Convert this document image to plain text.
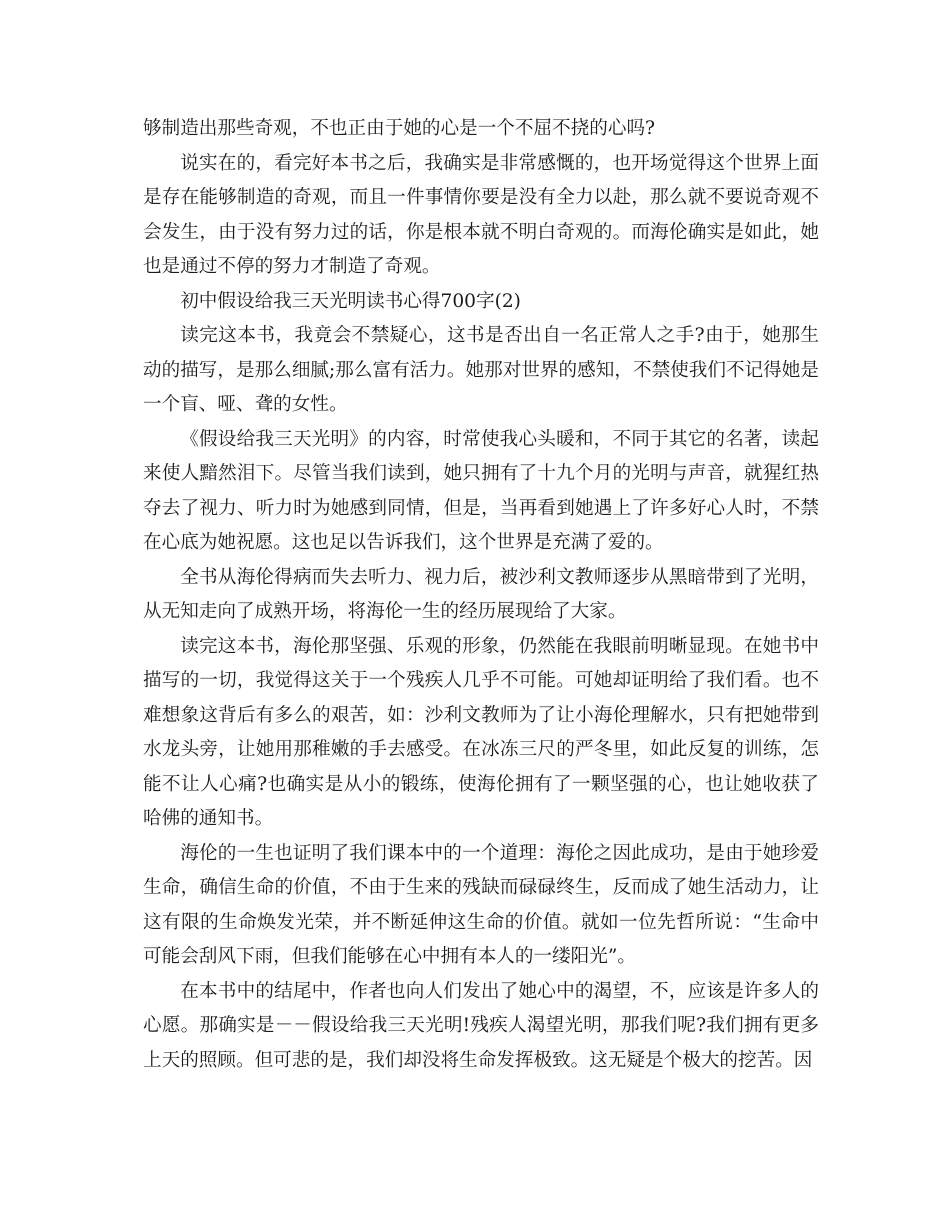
够制造出那些奇观，不也正由于她的心是一个不屈不挠的心吗?

说实在的，看完好本书之后，我确实是非常感慨的，也开场觉得这个世界上面是存在能够制造的奇观，而且一件事情你要是没有全力以赴，那么就不要说奇观不会发生，由于没有努力过的话，你是根本就不明白奇观的。而海伦确实是如此，她也是通过不停的努力才制造了奇观。

初中假设给我三天光明读书心得700字(2)

读完这本书，我竟会不禁疑心，这书是否出自一名正常人之手?由于，她那生动的描写，是那么细腻;那么富有活力。她那对世界的感知，不禁使我们不记得她是一个盲、哑、聋的女性。

《假设给我三天光明》的内容，时常使我心头暖和，不同于其它的名著，读起来使人黯然泪下。尽管当我们读到，她只拥有了十九个月的光明与声音，就猩红热夺去了视力、听力时为她感到同情，但是，当再看到她遇上了许多好心人时，不禁在心底为她祝愿。这也足以告诉我们，这个世界是充满了爱的。

全书从海伦得病而失去听力、视力后，被沙利文教师逐步从黑暗带到了光明，从无知走向了成熟开场，将海伦一生的经历展现给了大家。

读完这本书，海伦那坚强、乐观的形象，仍然能在我眼前明晰显现。在她书中描写的一切，我觉得这关于一个残疾人几乎不可能。可她却证明给了我们看。也不难想象这背后有多么的艰苦，如：沙利文教师为了让小海伦理解水，只有把她带到水龙头旁，让她用那稚嫩的手去感受。在冰冻三尺的严冬里，如此反复的训练，怎能不让人心痛?也确实是从小的锻练，使海伦拥有了一颗坚强的心，也让她收获了哈佛的通知书。

海伦的一生也证明了我们课本中的一个道理：海伦之因此成功，是由于她珍爱生命，确信生命的价值，不由于生来的残缺而碌碌终生，反而成了她生活动力，让这有限的生命焕发光荣，并不断延伸这生命的价值。就如一位先哲所说：“生命中可能会刮风下雨，但我们能够在心中拥有本人的一缕阳光”。

在本书中的结尾中，作者也向人们发出了她心中的渴望，不，应该是许多人的心愿。那确实是－－假设给我三天光明!残疾人渴望光明，那我们呢?我们拥有更多上天的照顾。但可悲的是，我们却没将生命发挥极致。这无疑是个极大的挖苦。因
